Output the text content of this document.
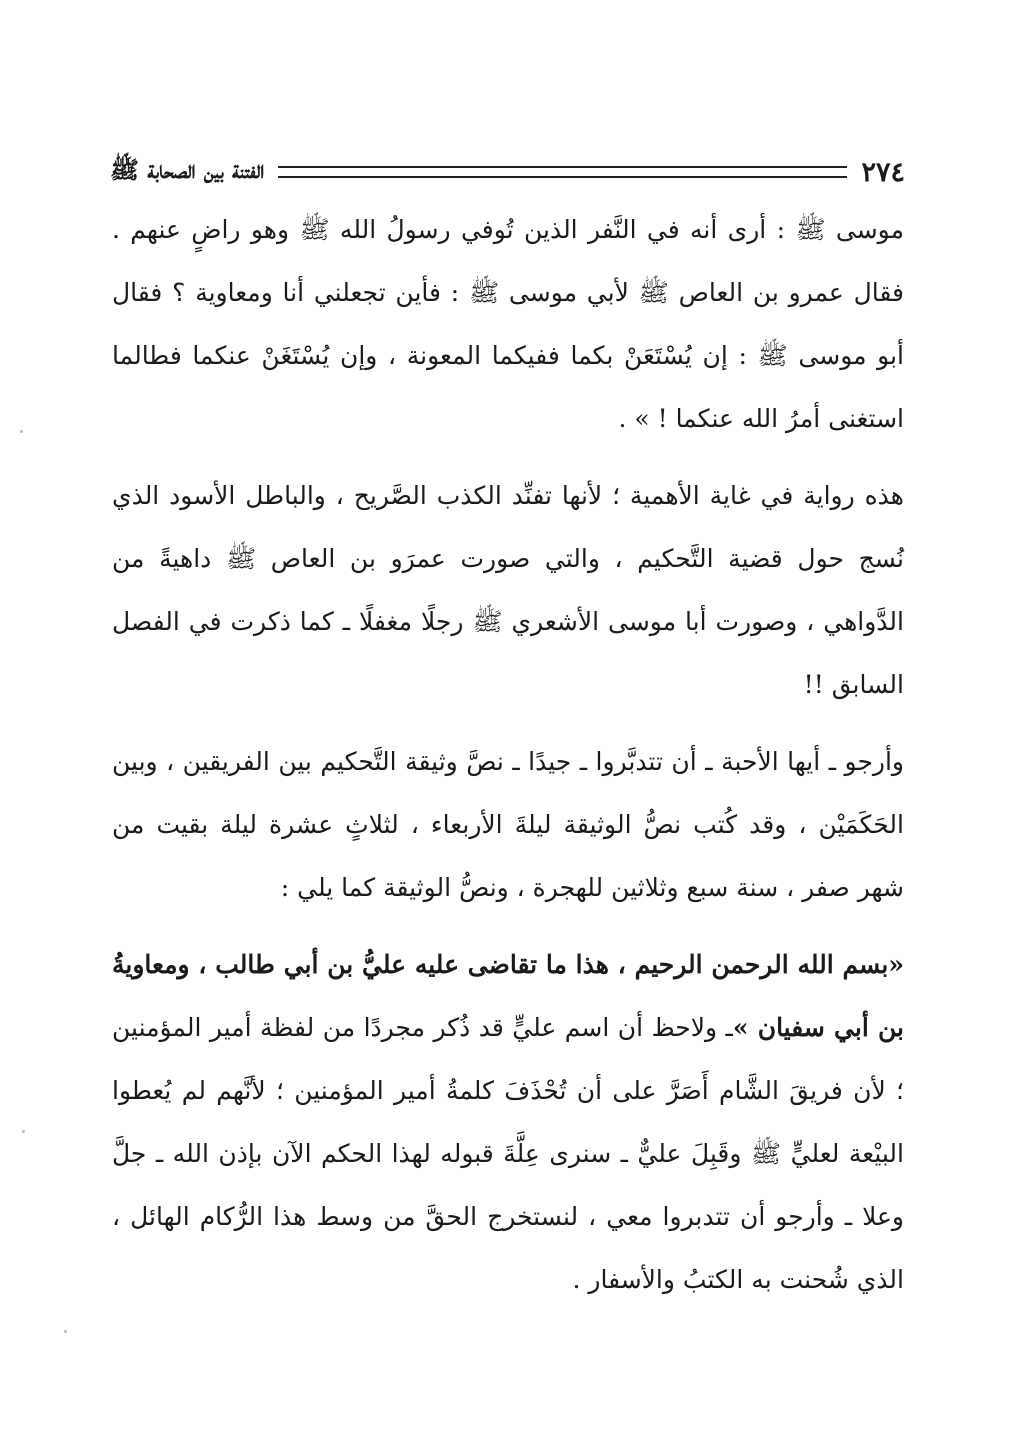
٢٧٤
الفتنة بين الصحابة ﷺ

موسى ﷺ : أرى أنه في النَّفر الذين تُوفي رسولُ الله ﷺ وهو راضٍ عنهم . فقال عمرو بن العاص ﷺ لأبي موسى ﷺ : فأين تجعلني أنا ومعاوية ؟ فقال أبو موسى ﷺ : إن يُسْتَعَنْ بكما ففيكما المعونة ، وإن يُسْتَغَنْ عنكما فطالما استغنى أمرُ الله عنكما ! » .

هذه رواية في غاية الأهمية ؛ لأنها تفنِّد الكذب الصَّريح ، والباطل الأسود الذي نُسج حول قضية التَّحكيم ، والتي صورت عمرَو بن العاص ﷺ داهيةً من الدَّواهي ، وصورت أبا موسى الأشعري ﷺ رجلًا مغفلًا ـ كما ذكرت في الفصل السابق !!

وأرجو ـ أيها الأحبة ـ أن تتدبَّروا ـ جيدًا ـ نصَّ وثيقة التَّحكيم بين الفريقين ، وبين الحَكَمَيْن ، وقد كُتب نصُّ الوثيقة ليلةَ الأربعاء ، لثلاثٍ عشرة ليلة بقيت من شهر صفر ، سنة سبع وثلاثين للهجرة ، ونصُّ الوثيقة كما يلي :

«بسم الله الرحمن الرحيم ، هذا ما تقاضى عليه عليُّ بن أبي طالب ، ومعاويةُ بن أبي سفيان »ـ ولاحظ أن اسم عليٍّ قد ذُكر مجردًا من لفظة أمير المؤمنين ؛ لأن فريقَ الشَّام أَصَرَّ على أن تُحْذَفَ كلمةُ أمير المؤمنين ؛ لأنَّهم لم يُعطوا البيْعة لعليٍّ ﷺ وقَبِلَ عليٌّ ـ سنرى عِلَّةَ قبوله لهذا الحكم الآن بإذن الله ـ جلَّ وعلا ـ وأرجو أن تتدبروا معي ، لنستخرج الحقَّ من وسط هذا الرُّكام الهائل ، الذي شُحنت به الكتبُ والأسفار .
